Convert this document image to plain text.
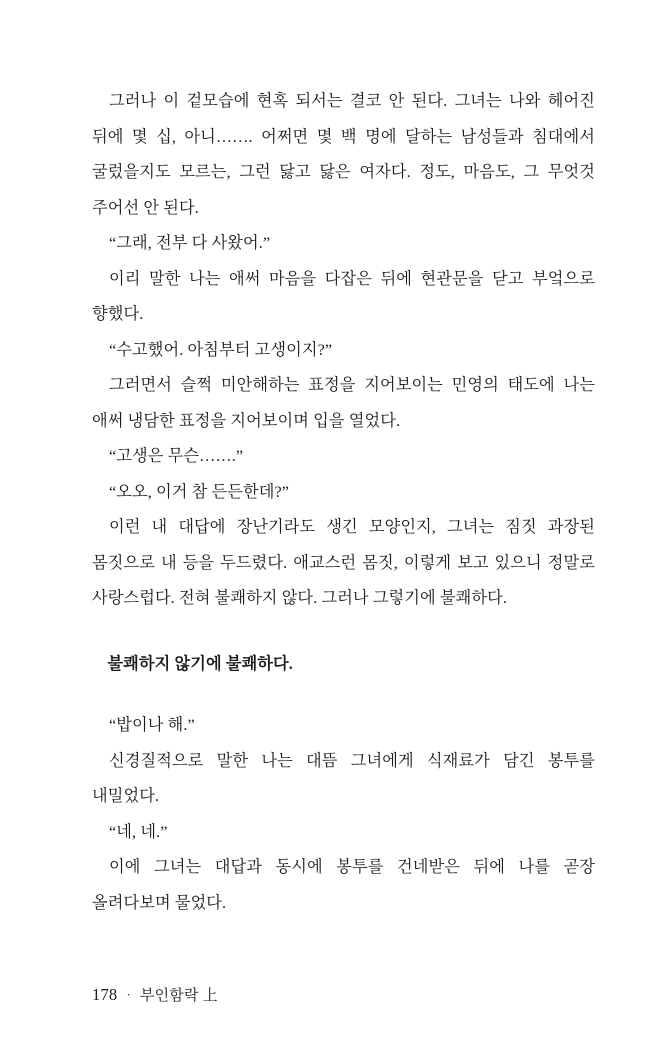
그러나 이 겉모습에 현혹 되서는 결코 안 된다. 그녀는 나와 헤어진 뒤에 몇 십, 아니……. 어쩌면 몇 백 명에 달하는 남성들과 침대에서 굴렀을지도 모르는, 그런 닳고 닳은 여자다. 정도, 마음도, 그 무엇것 주어선 안 된다.

“그래, 전부 다 사왔어.”

이리 말한 나는 애써 마음을 다잡은 뒤에 현관문을 닫고 부엌으로 향했다.

“수고했어. 아침부터 고생이지?”

그러면서 슬쩍 미안해하는 표정을 지어보이는 민영의 태도에 나는 애써 냉담한 표정을 지어보이며 입을 열었다.

“고생은 무슨…….”

“오오, 이거 참 든든한데?”

이런 내 대답에 장난기라도 생긴 모양인지, 그녀는 짐짓 과장된 몸짓으로 내 등을 두드렸다. 애교스런 몸짓, 이렇게 보고 있으니 정말로 사랑스럽다. 전혀 불쾌하지 않다. 그러나 그렇기에 불쾌하다.

불쾌하지 않기에 불쾌하다.

“밥이나 해.”

신경질적으로 말한 나는 대뜸 그녀에게 식재료가 담긴 봉투를 내밀었다.

“네, 네.”

이에 그녀는 대답과 동시에 봉투를 건네받은 뒤에 나를 곧장 올려다보며 물었다.

178 · 부인함락 上
